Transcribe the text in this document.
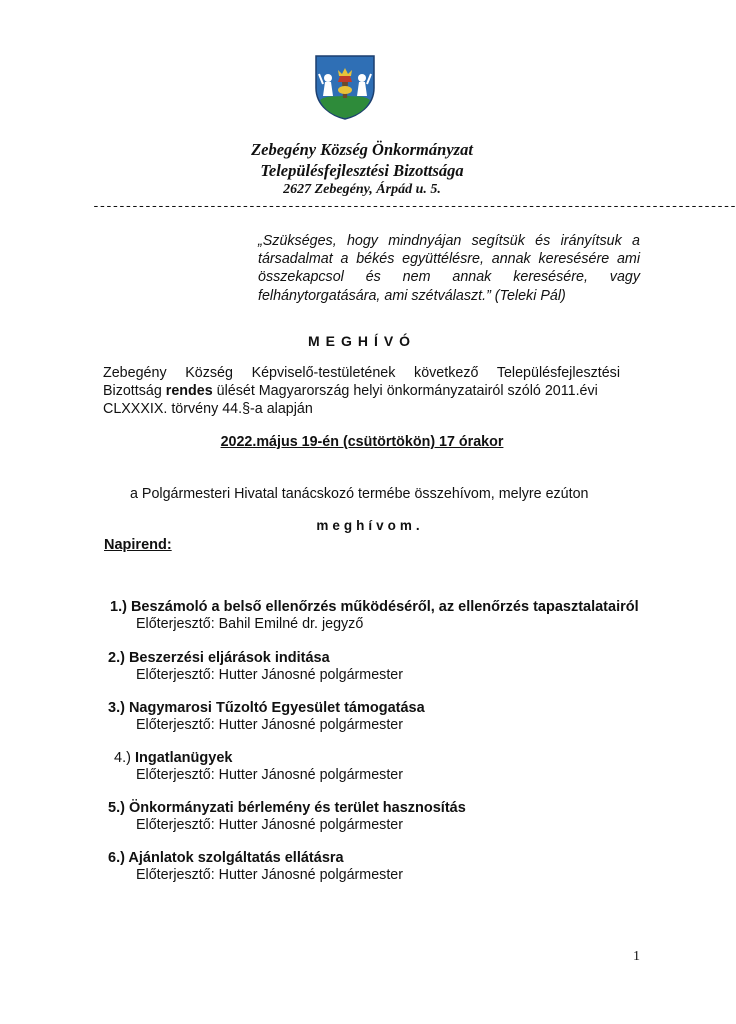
Zebegény Község Önkormányzat
Településfejlesztési Bizottsága
2627 Zebegény, Árpád u. 5.
---------------------------------------------------------------------------------------------------
„Szükséges, hogy mindnyájan segítsük és irányítsuk a társadalmat a békés együttélésre, annak keresésére ami összekapcsol és nem annak keresésére, vagy felhánytorgatására, ami szétválaszt.” (Teleki Pál)
MEGHÍVÓ
Zebegény Község Képviselő-testületének következő Településfejlesztési
Bizottság rendes ülését Magyarország helyi önkormányzatairól szóló 2011.évi
CLXXXIX. törvény 44.§-a alapján
2022.május 19-én (csütörtökön) 17 órakor
a Polgármesteri Hivatal tanácskozó termébe összehívom, melyre ezúton
meghívom.
Napirend:
1.) Beszámoló a belső ellenőrzés működéséről, az ellenőrzés tapasztalatairól
Előterjesztő: Bahil Emilné dr. jegyző
2.) Beszerzési eljárások inditása
Előterjesztő: Hutter Jánosné polgármester
3.) Nagymarosi Tűzoltó Egyesület támogatása
Előterjesztő: Hutter Jánosné polgármester
4.) Ingatlanügyek
Előterjesztő: Hutter Jánosné polgármester
5.) Önkormányzati bérlemény és terület hasznosítás
Előterjesztő: Hutter Jánosné polgármester
6.) Ajánlatok szolgáltatás ellátásra
Előterjesztő: Hutter Jánosné polgármester
1
